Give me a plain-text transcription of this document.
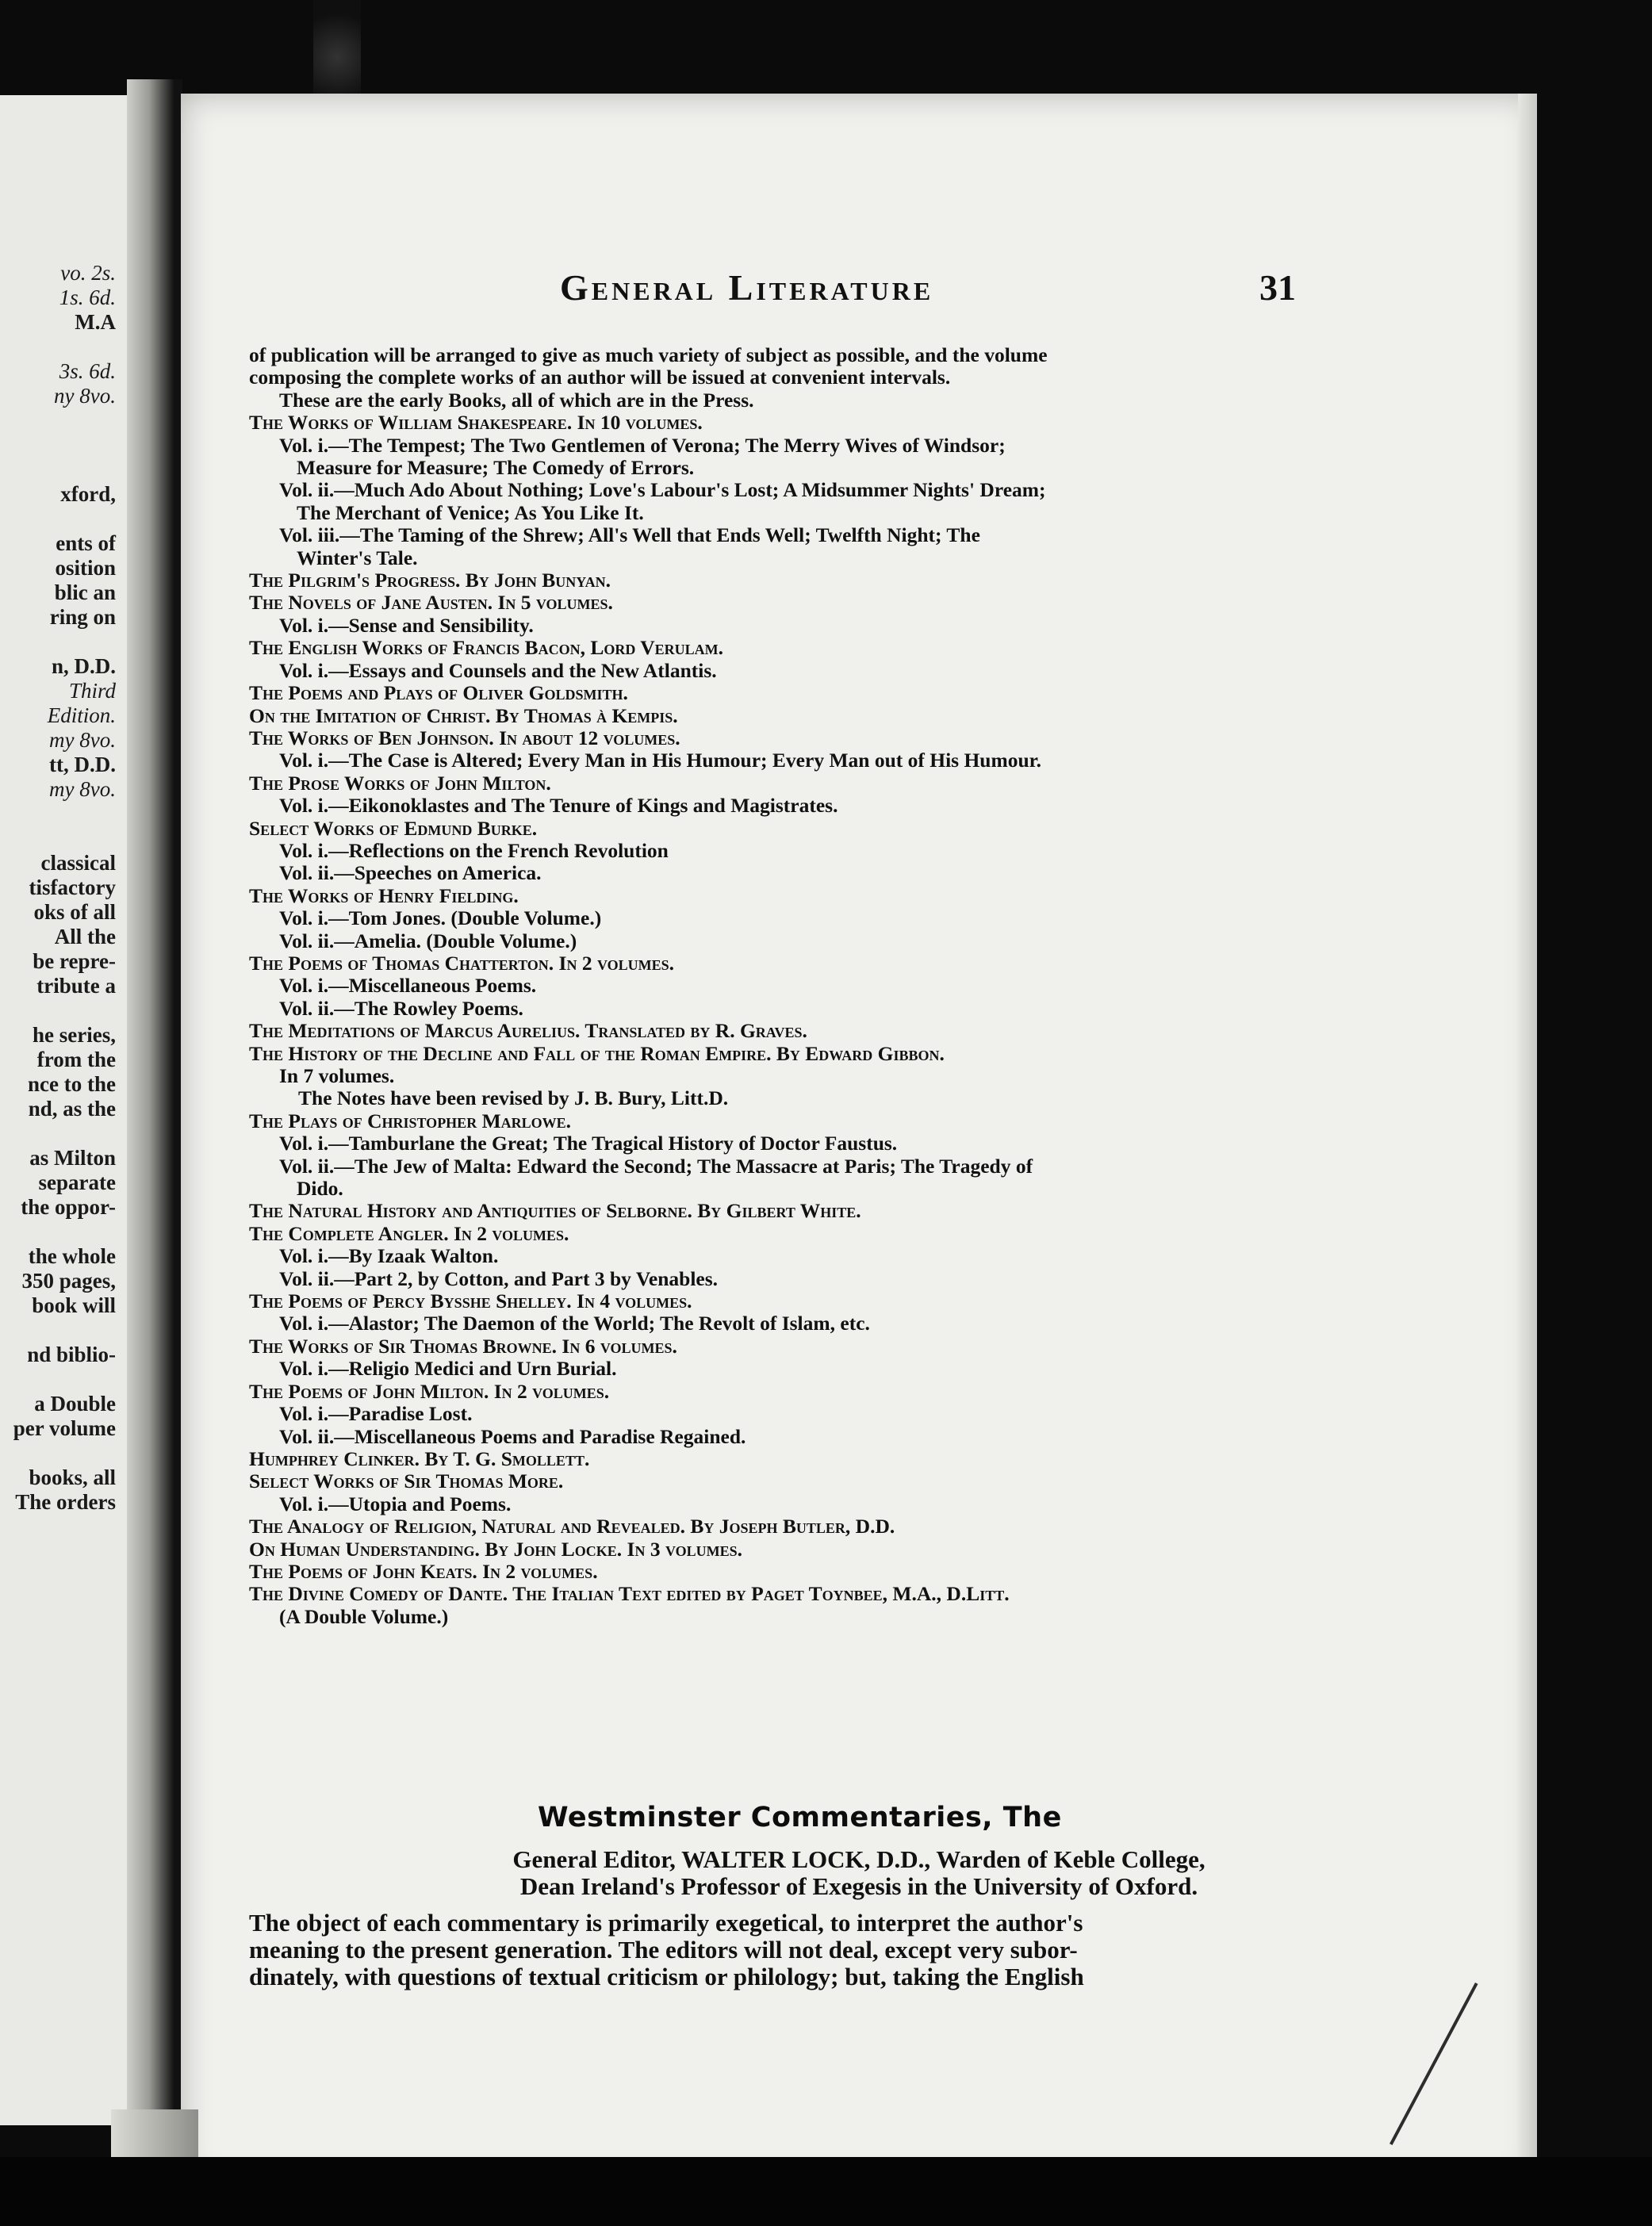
vo. 2s.
1s. 6d.
M.A
3s. 6d.
ny 8vo.
xford,
ents of
osition
blic an
ring on
n, D.D.
Third
Edition.
my 8vo.
tt, D.D.
my 8vo.
classical
tisfactory
oks of all
All the
be repre-
tribute a
he series,
from the
nce to the
nd, as the
as Milton
separate
the oppor-
the whole
350 pages,
book will
nd biblio-
a Double
per volume
books, all
The orders
General Literature	31
of publication will be arranged to give as much variety of subject as possible, and the volume
composing the complete works of an author will be issued at convenient intervals.
These are the early Books, all of which are in the Press.
The Works of William Shakespeare. In 10 volumes.
Vol. i.—The Tempest; The Two Gentlemen of Verona; The Merry Wives of Windsor;
Measure for Measure; The Comedy of Errors.
Vol. ii.—Much Ado About Nothing; Love's Labour's Lost; A Midsummer Nights' Dream;
The Merchant of Venice; As You Like It.
Vol. iii.—The Taming of the Shrew; All's Well that Ends Well; Twelfth Night; The
Winter's Tale.
The Pilgrim's Progress. By John Bunyan.
The Novels of Jane Austen. In 5 volumes.
Vol. i.—Sense and Sensibility.
The English Works of Francis Bacon, Lord Verulam.
Vol. i.—Essays and Counsels and the New Atlantis.
The Poems and Plays of Oliver Goldsmith.
On the Imitation of Christ. By Thomas à Kempis.
The Works of Ben Johnson. In about 12 volumes.
Vol. i.—The Case is Altered; Every Man in His Humour; Every Man out of His Humour.
The Prose Works of John Milton.
Vol. i.—Eikonoklastes and The Tenure of Kings and Magistrates.
Select Works of Edmund Burke.
Vol. i.—Reflections on the French Revolution
Vol. ii.—Speeches on America.
The Works of Henry Fielding.
Vol. i.—Tom Jones. (Double Volume.)
Vol. ii.—Amelia. (Double Volume.)
The Poems of Thomas Chatterton. In 2 volumes.
Vol. i.—Miscellaneous Poems.
Vol. ii.—The Rowley Poems.
The Meditations of Marcus Aurelius. Translated by R. Graves.
The History of the Decline and Fall of the Roman Empire. By Edward Gibbon.
In 7 volumes.
The Notes have been revised by J. B. Bury, Litt.D.
The Plays of Christopher Marlowe.
Vol. i.—Tamburlane the Great; The Tragical History of Doctor Faustus.
Vol. ii.—The Jew of Malta: Edward the Second; The Massacre at Paris; The Tragedy of
Dido.
The Natural History and Antiquities of Selborne. By Gilbert White.
The Complete Angler. In 2 volumes.
Vol. i.—By Izaak Walton.
Vol. ii.—Part 2, by Cotton, and Part 3 by Venables.
The Poems of Percy Bysshe Shelley. In 4 volumes.
Vol. i.—Alastor; The Daemon of the World; The Revolt of Islam, etc.
The Works of Sir Thomas Browne. In 6 volumes.
Vol. i.—Religio Medici and Urn Burial.
The Poems of John Milton. In 2 volumes.
Vol. i.—Paradise Lost.
Vol. ii.—Miscellaneous Poems and Paradise Regained.
Humphrey Clinker. By T. G. Smollett.
Select Works of Sir Thomas More.
Vol. i.—Utopia and Poems.
The Analogy of Religion, Natural and Revealed. By Joseph Butler, D.D.
On Human Understanding. By John Locke. In 3 volumes.
The Poems of John Keats. In 2 volumes.
The Divine Comedy of Dante. The Italian Text edited by Paget Toynbee, M.A., D.Litt.
(A Double Volume.)
Westminster Commentaries, The
General Editor, WALTER LOCK, D.D., Warden of Keble College,
Dean Ireland's Professor of Exegesis in the University of Oxford.
The object of each commentary is primarily exegetical, to interpret the author's
meaning to the present generation. The editors will not deal, except very subor-
dinately, with questions of textual criticism or philology; but, taking the English
